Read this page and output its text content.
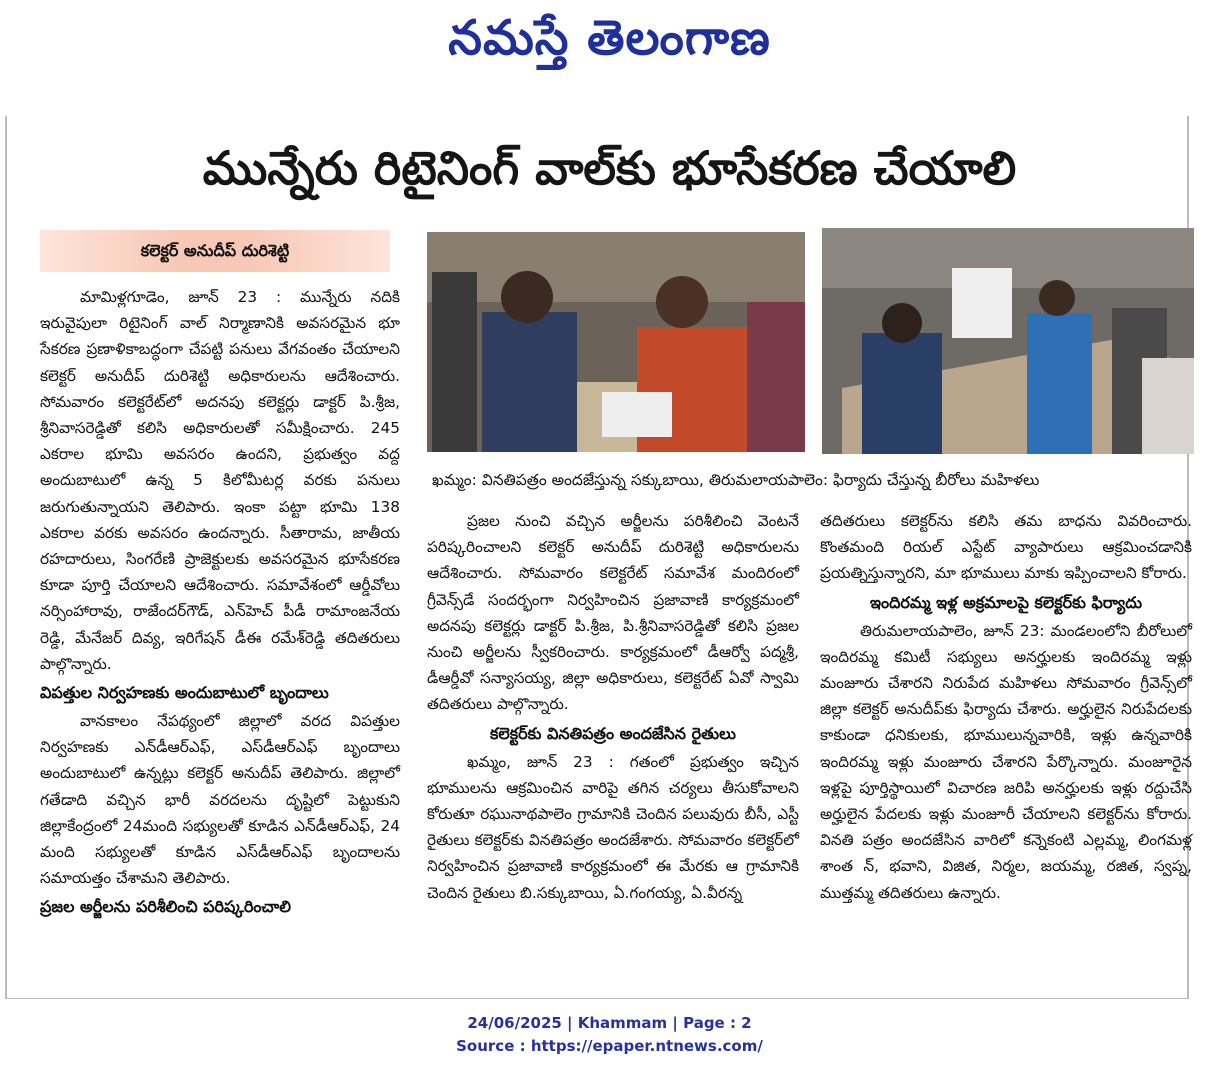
నమస్తే తెలంగాణ
మున్నేరు రిటైనింగ్ వాల్‌కు భూసేకరణ చేయాలి
కలెక్టర్ అనుదీప్ దురిశెట్టి

మామిళ్లగూడెం, జూన్ 23 : మున్నేరు నదికి ఇరువైపులా రిటైనింగ్ వాల్ నిర్మాణానికి అవసరమైన భూ సేకరణ ప్రణాళికాబద్ధంగా చేపట్టి పనులు వేగవంతం చేయాలని కలెక్టర్ అనుదీప్ దురిశెట్టి అధికారులను ఆదేశించారు. సోమవారం కలెక్టరేట్‌లో అదనపు కలెక్టర్లు డాక్టర్ పి.శ్రీజ, శ్రీనివాసరెడ్డితో కలిసి అధికారులతో సమీక్షించారు. 245 ఎకరాల భూమి అవసరం ఉందని, ప్రభుత్వం వద్ద అందుబాటులో ఉన్న 5 కిలోమీటర్ల వరకు పనులు జరుగుతున్నాయని తెలిపారు. ఇంకా పట్టా భూమి 138 ఎకరాల వరకు అవసరం ఉందన్నారు. సీతారామ, జాతీయ రహదారులు, సింగరేణి ప్రాజెక్టులకు అవసరమైన భూసేకరణ కూడా పూర్తి చేయాలని ఆదేశించారు. సమావేశంలో ఆర్డీవోలు నర్సింహారావు, రాజేందర్‌గౌడ్, ఎన్‌హెచ్ పీడీ రామాంజనేయ రెడ్డి, మేనేజర్ దివ్య, ఇరిగేషన్ డీఈ రమేశ్‌రెడ్డి తదితరులు పాల్గొన్నారు.

విపత్తుల నిర్వహణకు అందుబాటులో బృందాలు

వానకాలం నేపథ్యంలో జిల్లాలో వరద విపత్తుల నిర్వహణకు ఎన్‌డీఆర్‌ఎఫ్, ఎస్‌డీఆర్‌ఎఫ్ బృందాలు అందుబాటులో ఉన్నట్లు కలెక్టర్ అనుదీప్ తెలిపారు. జిల్లాలో గతేడాది వచ్చిన భారీ వరదలను దృష్టిలో పెట్టుకుని జిల్లాకేంద్రంలో 24మంది సభ్యులతో కూడిన ఎన్‌డీఆర్‌ఎఫ్, 24 మంది సభ్యులతో కూడిన ఎస్‌డీఆర్‌ఎఫ్ బృందాలను సమాయత్తం చేశామని తెలిపారు.

ప్రజల అర్జీలను పరిశీలించి పరిష్కరించాలి
ఖమ్మం: వినతిపత్రం అందజేస్తున్న సక్కుబాయి, తిరుమలాయపాలెం: ఫిర్యాదు చేస్తున్న బీరోలు మహిళలు

ప్రజల నుంచి వచ్చిన అర్జీలను పరిశీలించి వెంటనే పరిష్కరించాలని కలెక్టర్ అనుదీప్ దురిశెట్టి అధికారులను ఆదేశించారు. సోమవారం కలెక్టరేట్ సమావేశ మందిరంలో గ్రీవెన్స్‌డే సందర్భంగా నిర్వహించిన ప్రజావాణి కార్యక్రమంలో అదనపు కలెక్టర్లు డాక్టర్ పి.శ్రీజ, పి.శ్రీనివాసరెడ్డితో కలిసి ప్రజల నుంచి అర్జీలను స్వీకరించారు. కార్యక్రమంలో డీఆర్వో పద్మశ్రీ, డీఆర్డీవో సన్యాసయ్య, జిల్లా అధికారులు, కలెక్టరేట్ ఏవో స్వామి తదితరులు పాల్గొన్నారు.

కలెక్టర్‌కు వినతిపత్రం అందజేసిన రైతులు

ఖమ్మం, జూన్ 23 : గతంలో ప్రభుత్వం ఇచ్చిన భూములను ఆక్రమించిన వారిపై తగిన చర్యలు తీసుకోవాలని కోరుతూ రఘునాథపాలెం గ్రామానికి చెందిన పలువురు బీసీ, ఎస్టీ రైతులు కలెక్టర్‌కు వినతిపత్రం అందజేశారు. సోమవారం కలెక్టర్‌లో నిర్వహించిన ప్రజావాణి కార్యక్రమంలో ఈ మేరకు ఆ గ్రామానికి చెందిన రైతులు బి.సక్కుబాయి, ఏ.గంగయ్య, ఏ.వీరన్న

తదితరులు కలెక్టర్‌ను కలిసి తమ బాధను వివరించారు. కొంతమంది రియల్ ఎస్టేట్ వ్యాపారులు ఆక్రమించడానికి ప్రయత్నిస్తున్నారని, మా భూములు మాకు ఇప్పించాలని కోరారు.

ఇందిరమ్మ ఇళ్ల అక్రమాలపై కలెక్టర్‌కు ఫిర్యాదు

తిరుమలాయపాలెం, జూన్ 23: మండలంలోని బీరోలులో ఇందిరమ్మ కమిటీ సభ్యులు అనర్హులకు ఇందిరమ్మ ఇళ్లు మంజూరు చేశారని నిరుపేద మహిళలు సోమవారం గ్రీవెన్స్‌లో జిల్లా కలెక్టర్ అనుదీప్‌కు ఫిర్యాదు చేశారు. అర్హులైన నిరుపేదలకు కాకుండా ధనికులకు, భూములున్నవారికి, ఇళ్లు ఉన్నవారికి ఇందిరమ్మ ఇళ్లు మంజూరు చేశారని పేర్కొన్నారు. మంజూరైన ఇళ్లపై పూర్తిస్థాయిలో విచారణ జరిపి అనర్హులకు ఇళ్లు రద్దుచేసి అర్హులైన పేదలకు ఇళ్లు మంజూరీ చేయాలని కలెక్టర్‌ను కోరారు. వినతి పత్రం అందజేసిన వారిలో కన్నెకంటి ఎల్లమ్మ, లింగమళ్ల శాంత న్, భవాని, విజిత, నిర్మల, జయమ్మ, రజిత, స్వప్న, ముత్తమ్మ తదితరులు ఉన్నారు.

24/06/2025 | Khammam | Page : 2
Source : https://epaper.ntnews.com/
